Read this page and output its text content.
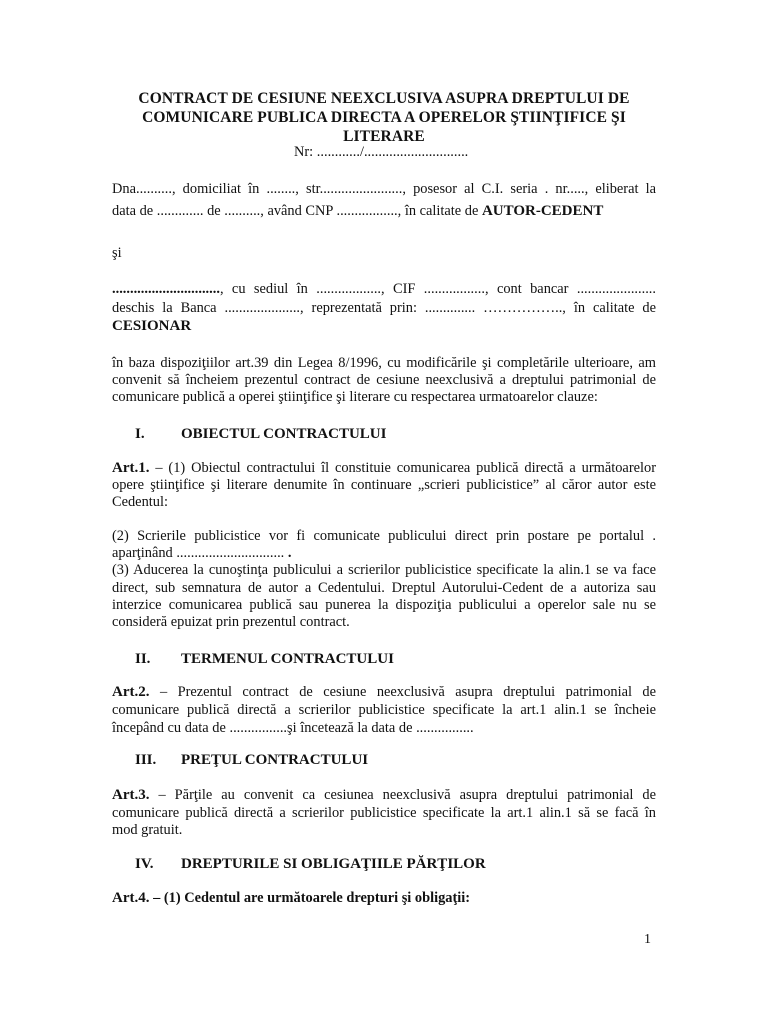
CONTRACT DE CESIUNE NEEXCLUSIVA ASUPRA DREPTULUI DE
COMUNICARE PUBLICA DIRECTA A OPERELOR ŞTIINŢIFICE ŞI LITERARE
Nr: ............/.............................
Dna.........., domiciliat în ........, str......................., posesor al C.I. seria . nr....., eliberat la
data de ............. de .........., având CNP ................., în calitate de AUTOR-CEDENT
şi
.............................., cu sediul în .................., CIF ................., cont bancar ......................
deschis la Banca ....................., reprezentată prin: .............. …………….., în calitate de
CESIONAR
în baza dispoziţiilor art.39 din Legea 8/1996, cu modificările şi completările ulterioare, am
convenit să încheiem prezentul contract de cesiune neexclusivă a dreptului patrimonial de
comunicare publică a operei ştiinţifice şi literare cu respectarea urmatoarelor clauze:
I. OBIECTUL CONTRACTULUI
Art.1. – (1) Obiectul contractului îl constituie comunicarea publică directă a următoarelor
opere ştiinţifice şi literare denumite în continuare „scrieri publicistice” al căror autor este
Cedentul:
(2) Scrierile publicistice vor fi comunicate publicului direct prin postare pe portalul .
aparţinând .............................. .
(3) Aducerea la cunoştinţa publicului a scrierilor publicistice specificate la alin.1 se va face
direct, sub semnatura de autor a Cedentului. Dreptul Autorului-Cedent de a autoriza sau
interzice comunicarea publică sau punerea la dispoziţia publicului a operelor sale nu se
consideră epuizat prin prezentul contract.
II. TERMENUL CONTRACTULUI
Art.2. – Prezentul contract de cesiune neexclusivă asupra dreptului patrimonial de
comunicare publică directă a scrierilor publicistice specificate la art.1 alin.1 se încheie
începând cu data de ................şi încetează la data de ................
III. PREŢUL CONTRACTULUI
Art.3. – Părţile au convenit ca cesiunea neexclusivă asupra dreptului patrimonial de
comunicare publică directă a scrierilor publicistice specificate la art.1 alin.1 să se facă în
mod gratuit.
IV. DREPTURILE SI OBLIGAŢIILE PĂRŢILOR
Art.4. – (1) Cedentul are următoarele drepturi şi obligaţii:
1
